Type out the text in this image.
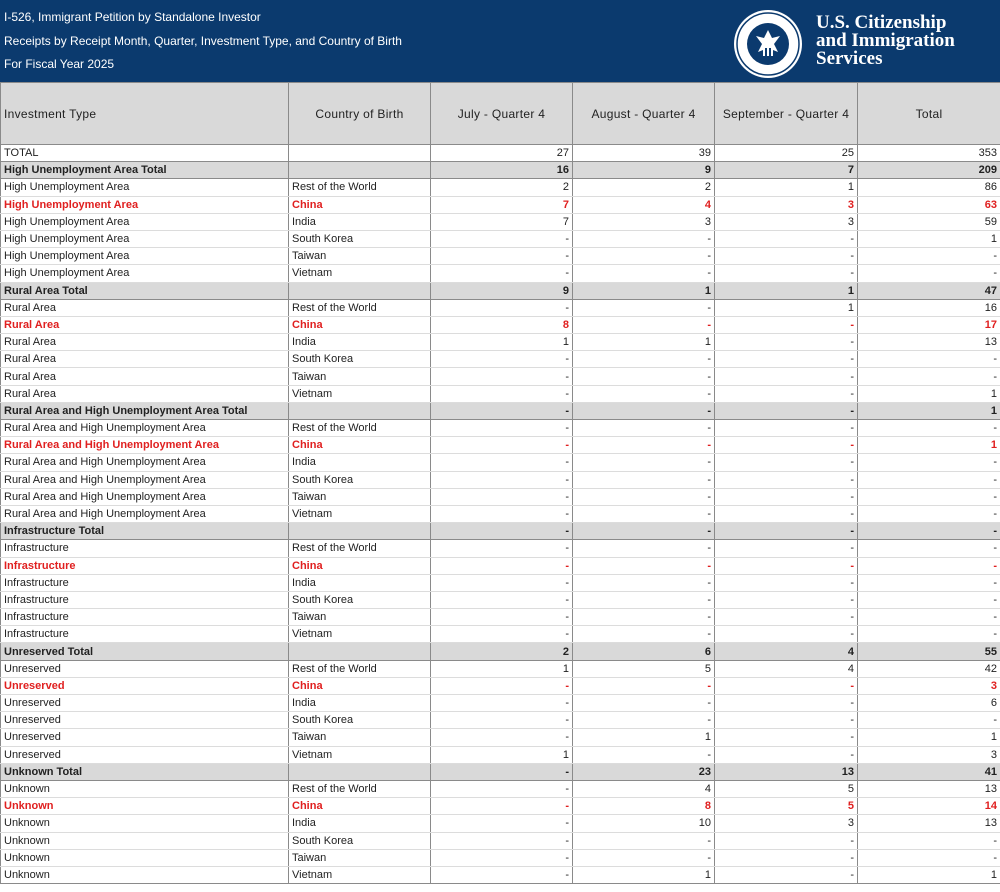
I-526, Immigrant Petition by Standalone Investor
Receipts by Receipt Month, Quarter, Investment Type, and Country of Birth
For Fiscal Year 2025
U.S. Citizenship
and Immigration
Services
Investment Type	Country of Birth	July - Quarter 4	August - Quarter 4	September - Quarter 4	Total
TOTAL		27	39	25	353
High Unemployment Area Total		16	9	7	209
High Unemployment Area	Rest of the World	2	2	1	86
High Unemployment Area	China	7	4	3	63
High Unemployment Area	India	7	3	3	59
High Unemployment Area	South Korea	-	-	-	1
High Unemployment Area	Taiwan	-	-	-	-
High Unemployment Area	Vietnam	-	-	-	-
Rural Area Total		9	1	1	47
Rural Area	Rest of the World	-	-	1	16
Rural Area	China	8	-	-	17
Rural Area	India	1	1	-	13
Rural Area	South Korea	-	-	-	-
Rural Area	Taiwan	-	-	-	-
Rural Area	Vietnam	-	-	-	1
Rural Area and High Unemployment Area Total		-	-	-	1
Rural Area and High Unemployment Area	Rest of the World	-	-	-	-
Rural Area and High Unemployment Area	China	-	-	-	1
Rural Area and High Unemployment Area	India	-	-	-	-
Rural Area and High Unemployment Area	South Korea	-	-	-	-
Rural Area and High Unemployment Area	Taiwan	-	-	-	-
Rural Area and High Unemployment Area	Vietnam	-	-	-	-
Infrastructure Total		-	-	-	-
Infrastructure	Rest of the World	-	-	-	-
Infrastructure	China	-	-	-	-
Infrastructure	India	-	-	-	-
Infrastructure	South Korea	-	-	-	-
Infrastructure	Taiwan	-	-	-	-
Infrastructure	Vietnam	-	-	-	-
Unreserved Total		2	6	4	55
Unreserved	Rest of the World	1	5	4	42
Unreserved	China	-	-	-	3
Unreserved	India	-	-	-	6
Unreserved	South Korea	-	-	-	-
Unreserved	Taiwan	-	1	-	1
Unreserved	Vietnam	1	-	-	3
Unknown Total		-	23	13	41
Unknown	Rest of the World	-	4	5	13
Unknown	China	-	8	5	14
Unknown	India	-	10	3	13
Unknown	South Korea	-	-	-	-
Unknown	Taiwan	-	-	-	-
Unknown	Vietnam	-	1	-	1
